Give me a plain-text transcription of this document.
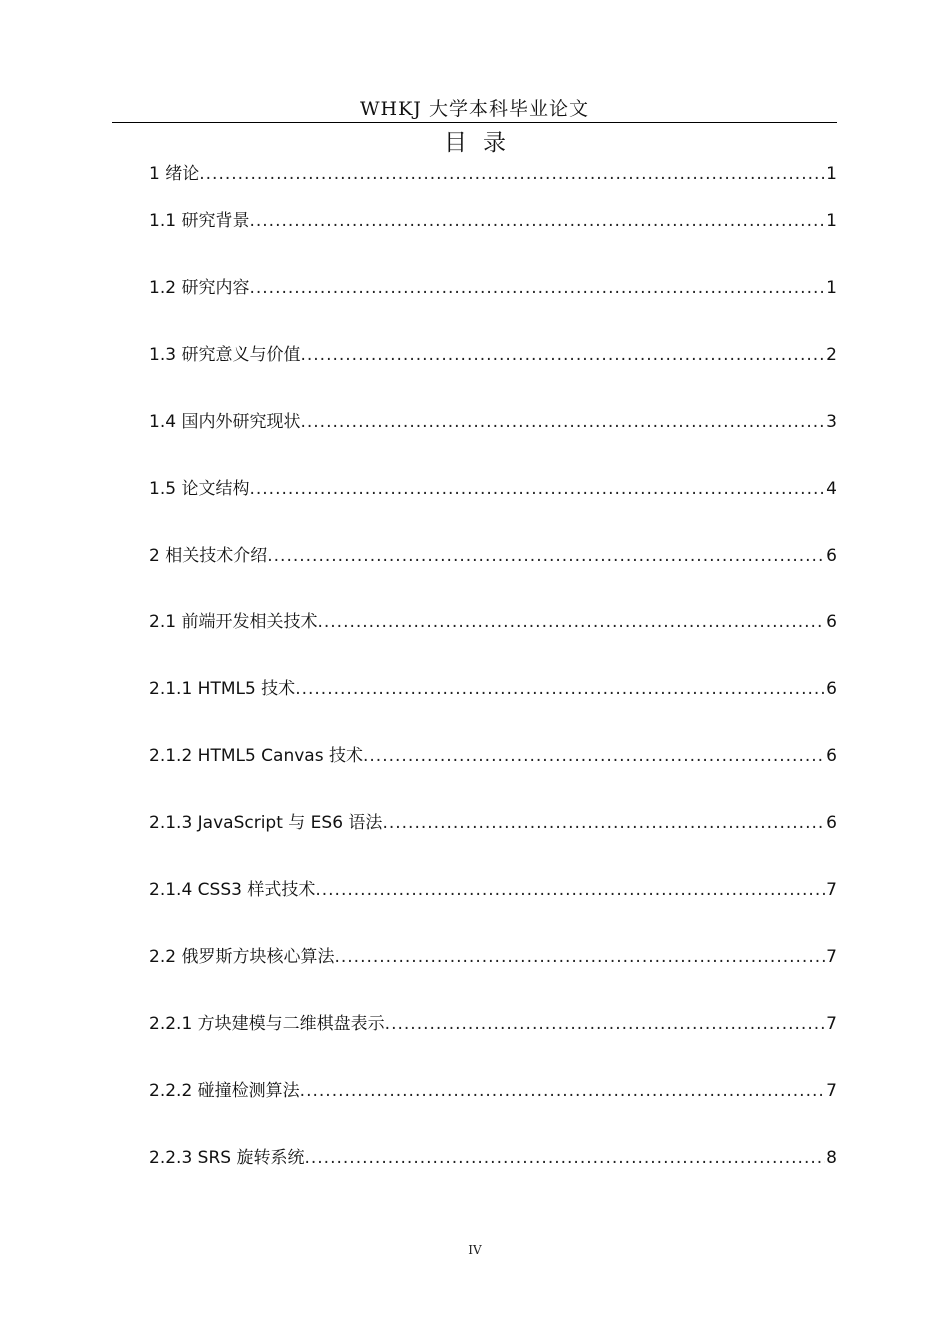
WHKJ 大学本科毕业论文
目录
1 绪论 .....	1
1.1 研究背景 .....	1
1.2 研究内容 .....	1
1.3 研究意义与价值 .....	2
1.4 国内外研究现状 .....	3
1.5 论文结构 .....	4
2 相关技术介绍 .....	6
2.1 前端开发相关技术 .....	6
2.1.1 HTML5 技术 .....	6
2.1.2 HTML5 Canvas 技术 .....	6
2.1.3 JavaScript 与 ES6 语法 .....	6
2.1.4 CSS3 样式技术 .....	7
2.2 俄罗斯方块核心算法 .....	7
2.2.1 方块建模与二维棋盘表示 .....	7
2.2.2 碰撞检测算法 .....	7
2.2.3 SRS 旋转系统 .....	8
IV
